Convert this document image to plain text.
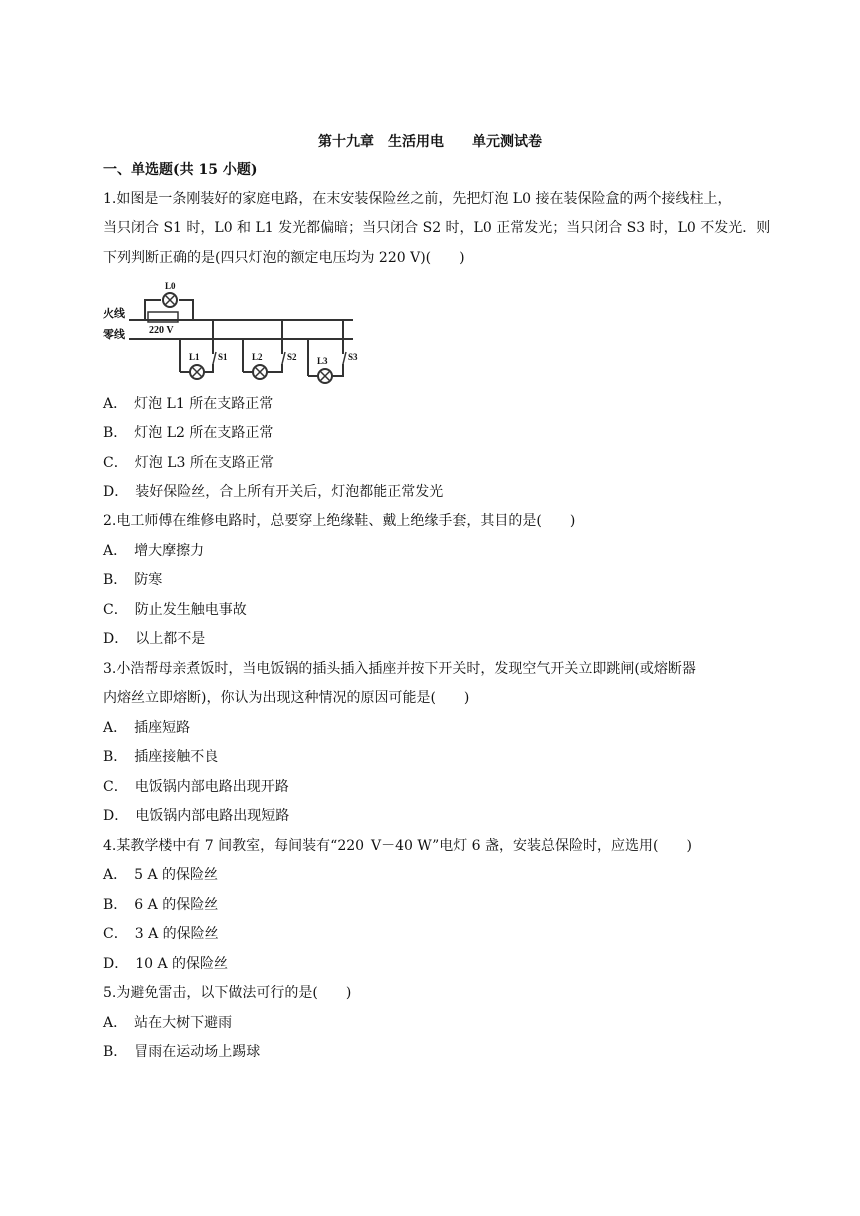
第十九章　生活用电　　单元测试卷
一、单选题(共 15 小题)
1.如图是一条刚装好的家庭电路，在末安装保险丝之前，先把灯泡 L0 接在装保险盒的两个接线柱上，
当只闭合 S1 时，L0 和 L1 发光都偏暗；当只闭合 S2 时，L0 正常发光；当只闭合 S3 时，L0 不发光．则
下列判断正确的是(四只灯泡的额定电压均为 220 V)(　　)
火线
零线 220 V
L0
L1	L2	L3
S1	S2	S3
A．　灯泡 L1 所在支路正常
B．　灯泡 L2 所在支路正常
C．　灯泡 L3 所在支路正常
D．　装好保险丝，合上所有开关后，灯泡都能正常发光
2.电工师傅在维修电路时，总要穿上绝缘鞋、戴上绝缘手套，其目的是(　　)
A．　增大摩擦力
B．　防寒
C．　防止发生触电事故
D．　以上都不是
3.小浩帮母亲煮饭时，当电饭锅的插头插入插座并按下开关时，发现空气开关立即跳闸(或熔断器
内熔丝立即熔断)，你认为出现这种情况的原因可能是(　　)
A．　插座短路
B．　插座接触不良
C．　电饭锅内部电路出现开路
D．　电饭锅内部电路出现短路
4.某教学楼中有 7 间教室，每间装有“220 V－40 W”电灯 6 盏，安装总保险时，应选用(　　)
A．　5 A 的保险丝
B．　6 A 的保险丝
C．　3 A 的保险丝
D．　10 A 的保险丝
5.为避免雷击，以下做法可行的是(　　)
A．　站在大树下避雨
B．　冒雨在运动场上踢球
